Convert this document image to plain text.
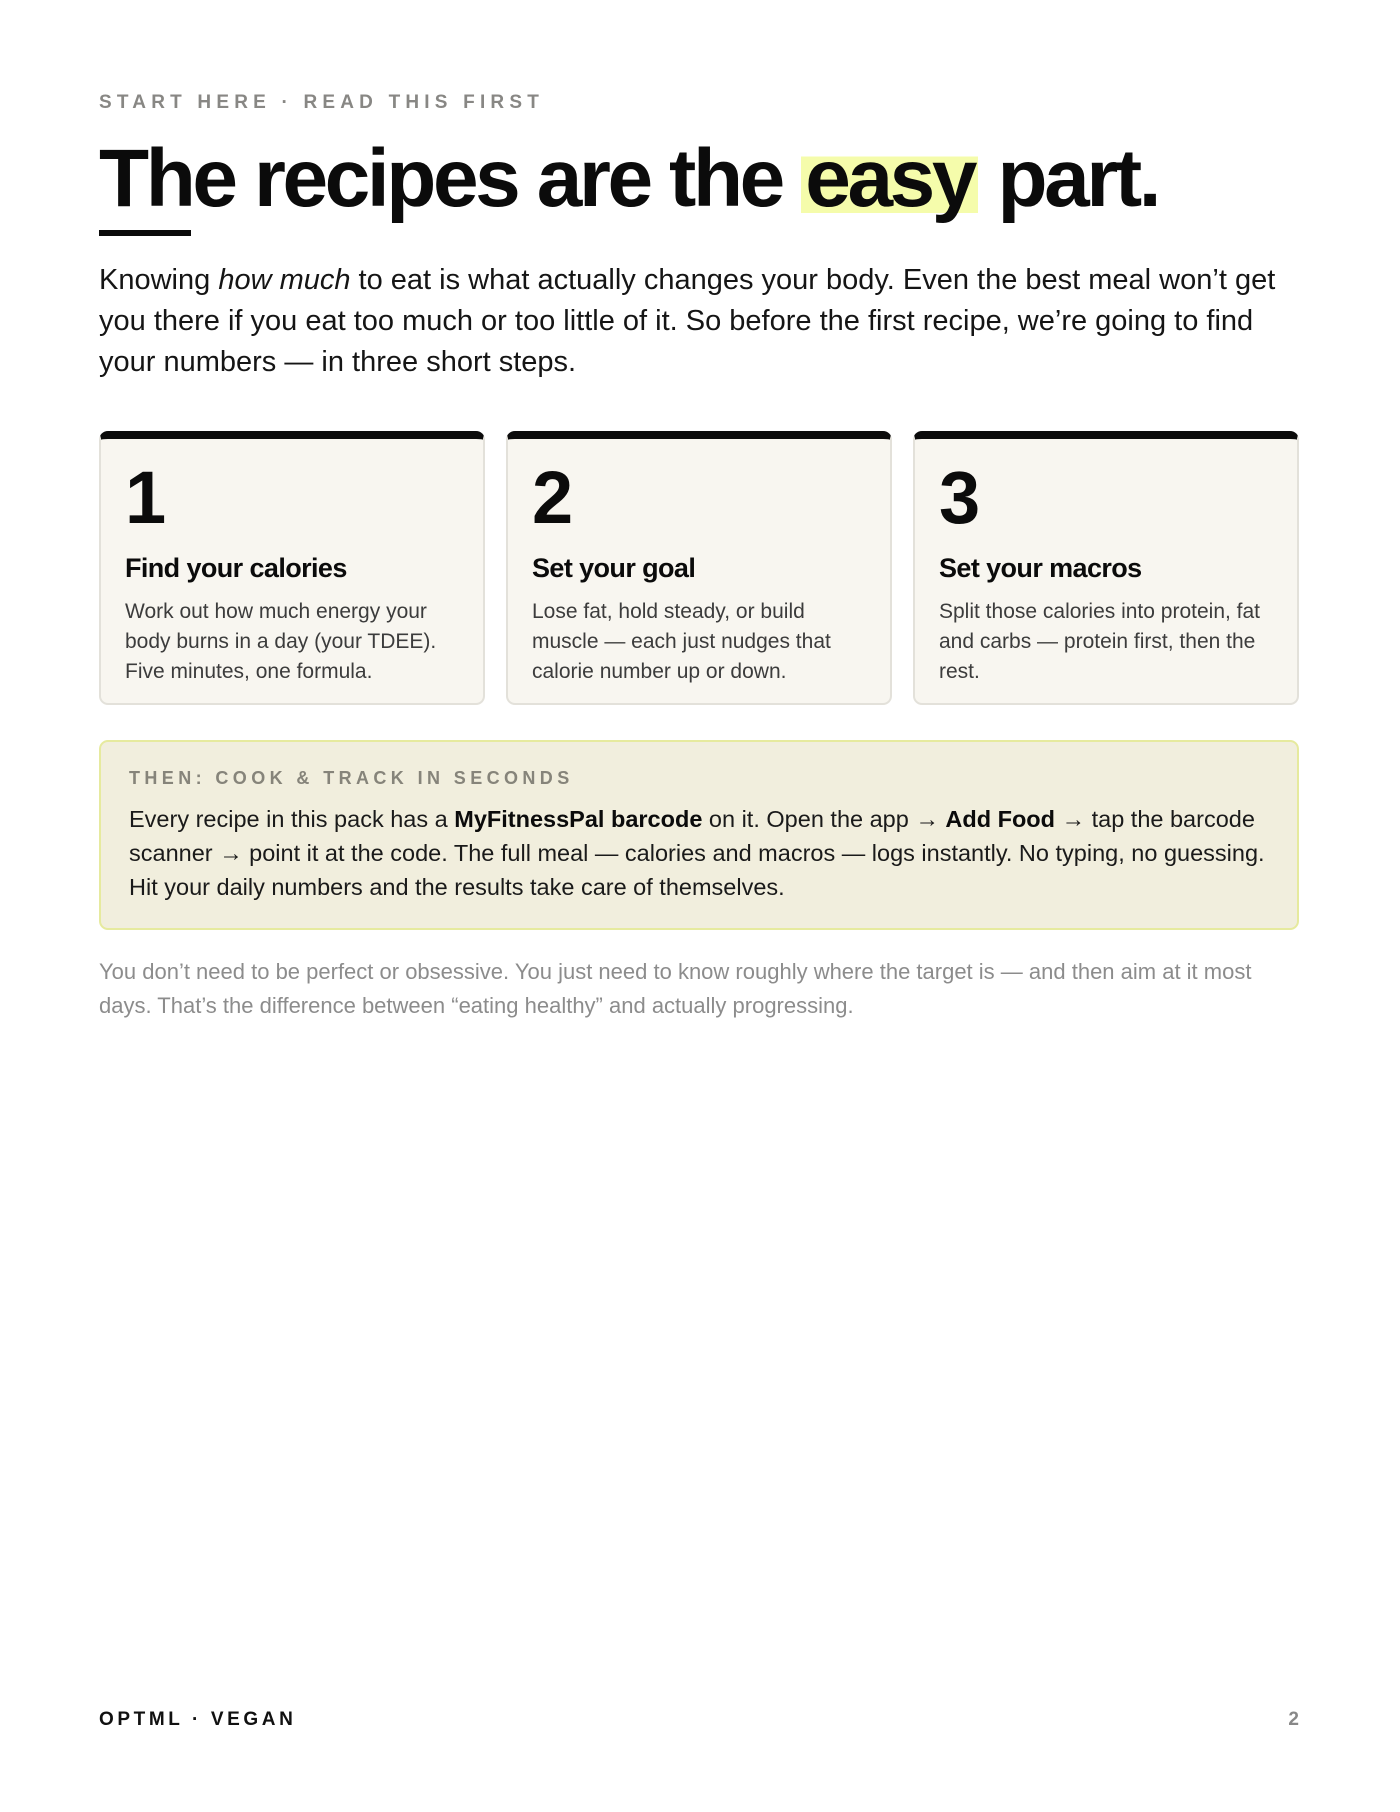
START HERE · READ THIS FIRST
The recipes are the easy part.

Knowing how much to eat is what actually changes your body. Even the best meal won’t get you there if you eat too much or too little of it. So before the first recipe, we’re going to find your numbers — in three short steps.

1
Find your calories
Work out how much energy your body burns in a day (your TDEE). Five minutes, one formula.
2
Set your goal
Lose fat, hold steady, or build muscle — each just nudges that calorie number up or down.
3
Set your macros
Split those calories into protein, fat and carbs — protein first, then the rest.
THEN: COOK & TRACK IN SECONDS

Every recipe in this pack has a MyFitnessPal barcode on it. Open the app → Add Food → tap the barcode scanner → point it at the code. The full meal — calories and macros — logs instantly. No typing, no guessing. Hit your daily numbers and the results take care of themselves.

You don’t need to be perfect or obsessive. You just need to know roughly where the target is — and then aim at it most days. That’s the difference between “eating healthy” and actually progressing.

OPTML · VEGAN	2
